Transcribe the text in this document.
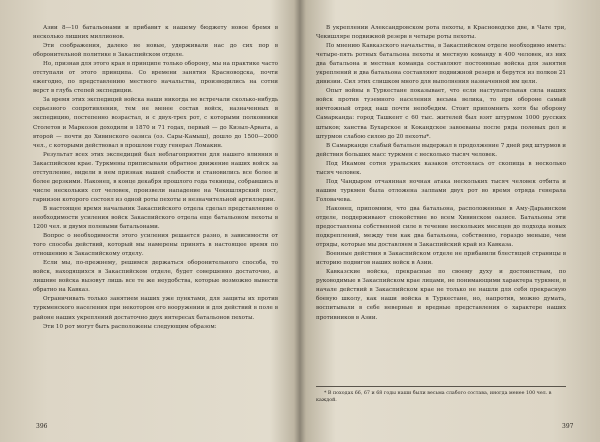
Азии 8—10 батальонами и прибавит к нашему бюджету новое бремя в несколько лишних миллионов.

Эти соображения, далеко не новые, удерживали нас до сих пор в оборонительной политике в Закаспийском отделе.

Но, признав для этого края в принципе только оборону, мы на практике часто отступали от этого принципа. Со времени занятия Красноводска, почти ежегодно, по представлению местного начальства, производились на сотни верст в глубь степей экспедиции.

За время этих экспедиций войска наши никогда не встречали сколько-нибудь серьезного сопротивления, тем не менее состав войск, назначенных в экспедицию, постепенно возрастал, и с двух-трех рот, с которыми полковники Столетов и Маркозов доходили в 1870 и 71 годах, первый — до Кизыл-Арвата, а второй — почти до Хивинского оазиса (оз. Сары-Камыш), дошло до 1500—2000 чел., с которыми действовал в прошлом году генерал Ломакин.

Результат всех этих экспедиций был неблагоприятен для нашего влияния в Закаспийском крае. Туркмены приписывали обратное движение наших войск за отступление, видели в нем признак нашей слабости и становились все более и более дерзкими. Наконец, в конце декабря прошлого года текинцы, собравшись в числе нескольких сот человек, произвели нападение на Чекишлярский пост, гарнизон которого состоял из одной роты пехоты и незначительной артиллерии.

В настоящее время начальник Закаспийского отдела сделал представление о необходимости усиления войск Закаспийского отдела еще батальоном пехоты в 1200 чел. и двумя полевыми батальонами.

Вопрос о необходимости этого усиления решается разно, в зависимости от того способа действий, который мы намерены принять в настоящее время по отношению к Закаспийскому отделу.

Если мы, по-прежнему, решимся держаться оборонительного способа, то войск, находящихся в Закаспийском отделе, будет совершенно достаточно, а лишние войска вызовут лишь все те же неудобства, которые возможно вывести обратно на Кавказ.

Ограничивать только занятием наших уже пунктами, для защиты их против туркменского населения при некотором его вооружении и для действий в поле в районе наших укреплений достаточно двух интересах батальонов пехоты.

Эти 10 рот могут быть расположены следующим образом:

396

В укреплении Александровском рота пехоты, в Красноводске две, в Чате три, Чекишляре подвижной резерв в четыре роты пехоты.

По мнению Кавказского начальства, в Закаспийском отделе необходимо иметь: четыре-пять ротных батальона пехоты и местную команду в 400 человек, из них два батальона и местная команда составляют постоянные войска для занятия укреплений и два батальона составляют подвижной резерв и берутся из полков 21 дивизии. Сил этих слишком много для выполнения назначенной им цели.

Опыт войны в Туркестане показывает, что если наступательная сила наших войск против туземного населения весьма велика, то при обороне самый ничтожный отряд наш почти непобедим. Стоит припомнить хотя бы оборону Самарканда: город Ташкент с 60 тыс. жителей был взят штурмом 1000 русских штыков; ханства Бухарское и Кокандское завоеваны после ряда полевых дел и штурмов слабою силою до 20 пехоты*.

В Самарканде слабый батальон выдержал в продолжение 7 дней ряд штурмов и действия больших масс туркмен с несколько тысяч человек.

Под Икамом сотня уральских казаков отстоялась от скопища в несколько тысяч человек.

Под Чандыром отчаянная ночная атака нескольких тысяч человек отбита и нашим туркмен была отложена залпами двух рот во время отряда генерала Головачева.

Наконец, припомним, что два батальона, расположенные в Аму-Дарьинском отделе, поддерживают спокойствие во всем Хивинском оазисе. Батальоны эти предоставлены собственной силе в течение нескольких месяцев до подхода новых подкреплений, между тем как два батальона, собственно, гораздо меньше, чем отряды, которые мы доставляем в Закаспийский край из Кавказа.

Военные действия в Закаспийском отделе не прибавили блестящей страницы в историю подвигов наших войск в Азии.

Кавказские войска, прекрасные по своему духу и достоинствам, по руководимые в Закаспийском крае лицами, не понимающими характера туркмен, в начале действий в Закаспийском крае не только не нашли для себя прекрасную боевую школу, как наши войска в Туркестане, но, напротив, можно думать, воспитывали в себе неверные и вредные представления о характере наших противников в Азии.

* В походах 66, 67 и 68 годы наши были весьма слабого состава, иногда менее 100 чел. в каждой.

397
